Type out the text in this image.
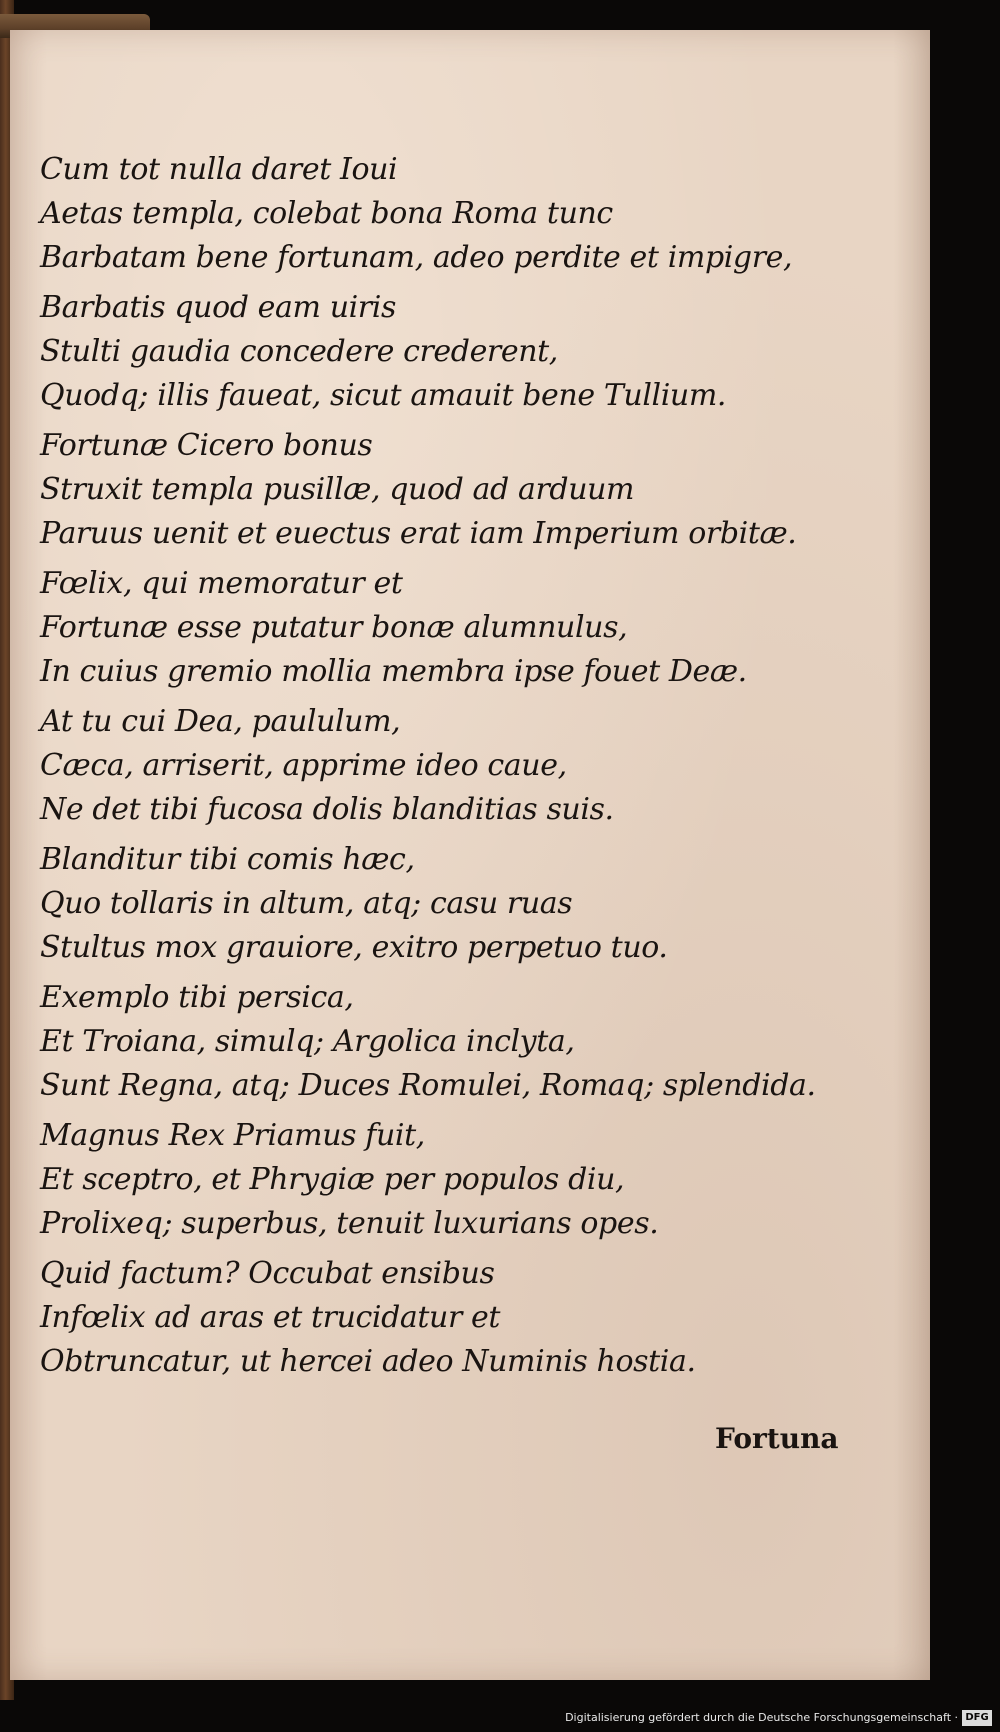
Cum tot nulla daret Ioui
Aetas templa, colebat bona Roma tunc
Barbatam bene fortunam, adeo perdite et impigre,
Barbatis quod eam uiris
Stulti gaudia concedere crederent,
Quodq; illis faueat, sicut amauit bene Tullium.
Fortunæ Cicero bonus
Struxit templa pusillæ, quod ad arduum
Paruus uenit et euectus erat iam Imperium orbitæ.
Fœlix, qui memoratur et
Fortunæ esse putatur bonæ alumnulus,
In cuius gremio mollia membra ipse fouet Deæ.
At tu cui Dea, paululum,
Cæca, arriserit, apprime ideo caue,
Ne det tibi fucosa dolis blanditias suis.
Blanditur tibi comis hæc,
Quo tollaris in altum, atq; casu ruas
Stultus mox grauiore, exitro perpetuo tuo.
Exemplo tibi persica,
Et Troiana, simulq; Argolica inclyta,
Sunt Regna, atq; Duces Romulei, Romaq; splendida.
Magnus Rex Priamus fuit,
Et sceptro, et Phrygiæ per populos diu,
Prolixeq; superbus, tenuit luxurians opes.
Quid factum? Occubat ensibus
Infœlix ad aras et trucidatur et
Obtruncatur, ut hercei adeo Numinis hostia.
Fortuna
Digitalisierung gefördert durch die Deutsche Forschungsgemeinschaft · DFG
